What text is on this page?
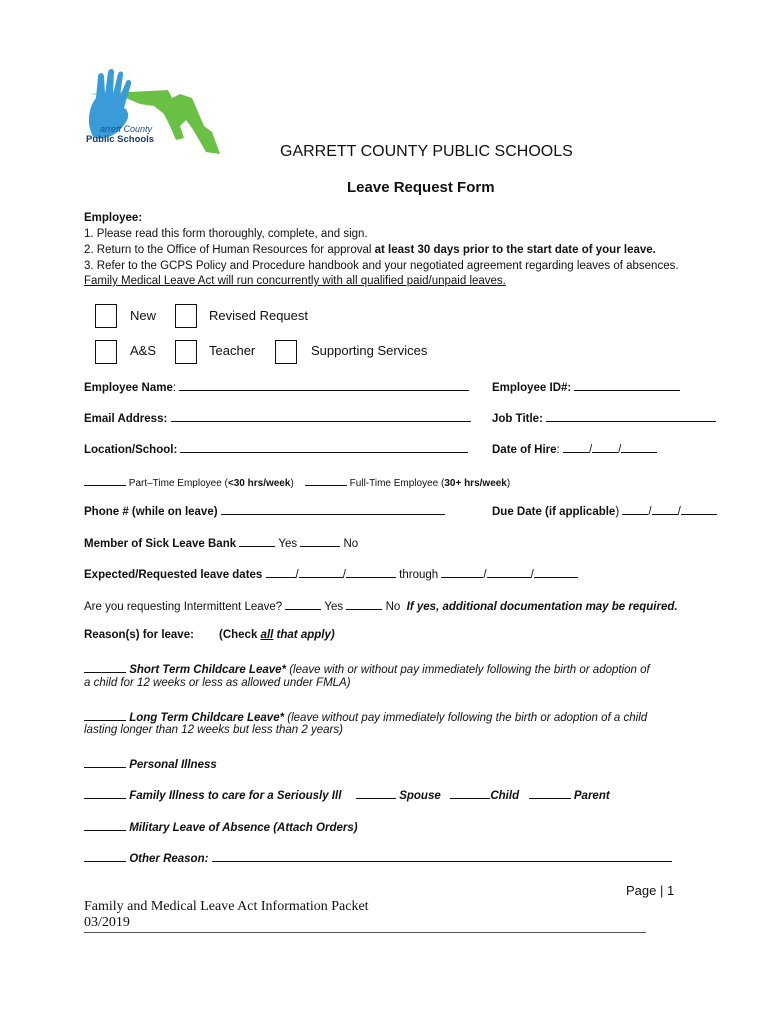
arrett County
Public Schools
GARRETT COUNTY PUBLIC SCHOOLS
Leave Request Form
Employee:
1. Please read this form thoroughly, complete, and sign.
2. Return to the Office of Human Resources for approval at least 30 days prior to the start date of your leave.
3. Refer to the GCPS Policy and Procedure handbook and your negotiated agreement regarding leaves of absences.
Family Medical Leave Act will run concurrently with all qualified paid/unpaid leaves.
New	Revised Request
A&S	Teacher	Supporting Services
Employee Name:	Employee ID#:
Email Address:	Job Title:
Location/School:	Date of Hire: / /
Part–Time Employee (<30 hrs/week)	Full-Time Employee (30+ hrs/week)
Phone # (while on leave)	Due Date (if applicable) / /
Member of Sick Leave Bank	Yes	No
Expected/Requested leave dates	/	/	through	/	/
Are you requesting Intermittent Leave?	Yes	No If yes, additional documentation may be required.
Reason(s) for leave: (Check all that apply)
Short Term Childcare Leave* (leave with or without pay immediately following the birth or adoption of
a child for 12 weeks or less as allowed under FMLA)
Long Term Childcare Leave* (leave without pay immediately following the birth or adoption of a child
lasting longer than 12 weeks but less than 2 years)
Personal Illness
Family Illness to care for a Seriously Ill	Spouse	Child	Parent
Military Leave of Absence (Attach Orders)
Other Reason:
Page | 1
Family and Medical Leave Act Information Packet
03/2019
